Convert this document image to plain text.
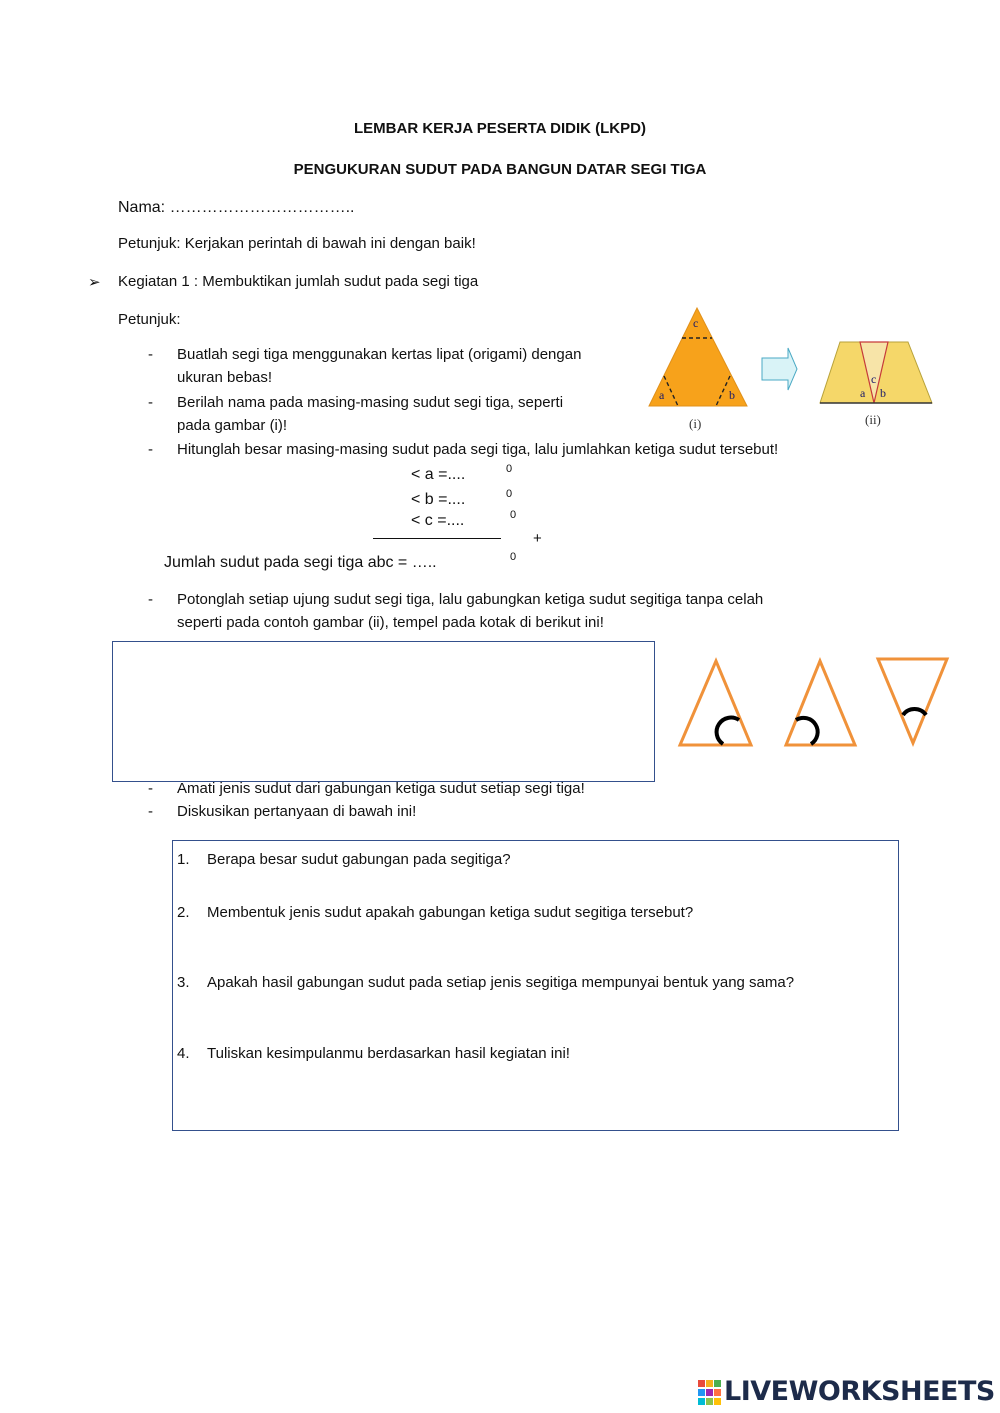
LEMBAR KERJA PESERTA DIDIK (LKPD)
PENGUKURAN SUDUT PADA BANGUN DATAR SEGI TIGA
Nama: ……………………………..
Petunjuk: Kerjakan perintah di bawah ini dengan baik!
➢ Kegiatan 1 : Membuktikan jumlah sudut pada segi tiga
Petunjuk:
- Buatlah segi tiga menggunakan kertas lipat (origami) dengan
ukuran bebas!
- Berilah nama pada masing-masing sudut segi tiga, seperti
pada gambar (i)!
- Hitunglah besar masing-masing sudut pada segi tiga, lalu jumlahkan ketiga sudut tersebut!
< a =....	0
< b =....	0
< c =....	0
+
Jumlah sudut pada segi tiga abc = …..	0
- Potonglah setiap ujung sudut segi tiga, lalu gabungkan ketiga sudut segitiga tanpa celah
seperti pada contoh gambar (ii), tempel pada kotak di berikut ini!
- Amati jenis sudut dari gabungan ketiga sudut setiap segi tiga!
- Diskusikan pertanyaan di bawah ini!
c
a	b
(i)
c
a b
(ii)
1. Berapa besar sudut gabungan pada segitiga?
2. Membentuk jenis sudut apakah gabungan ketiga sudut segitiga tersebut?
3. Apakah hasil gabungan sudut pada setiap jenis segitiga mempunyai bentuk yang sama?
4. Tuliskan kesimpulanmu berdasarkan hasil kegiatan ini!
LIVEWORKSHEETS
